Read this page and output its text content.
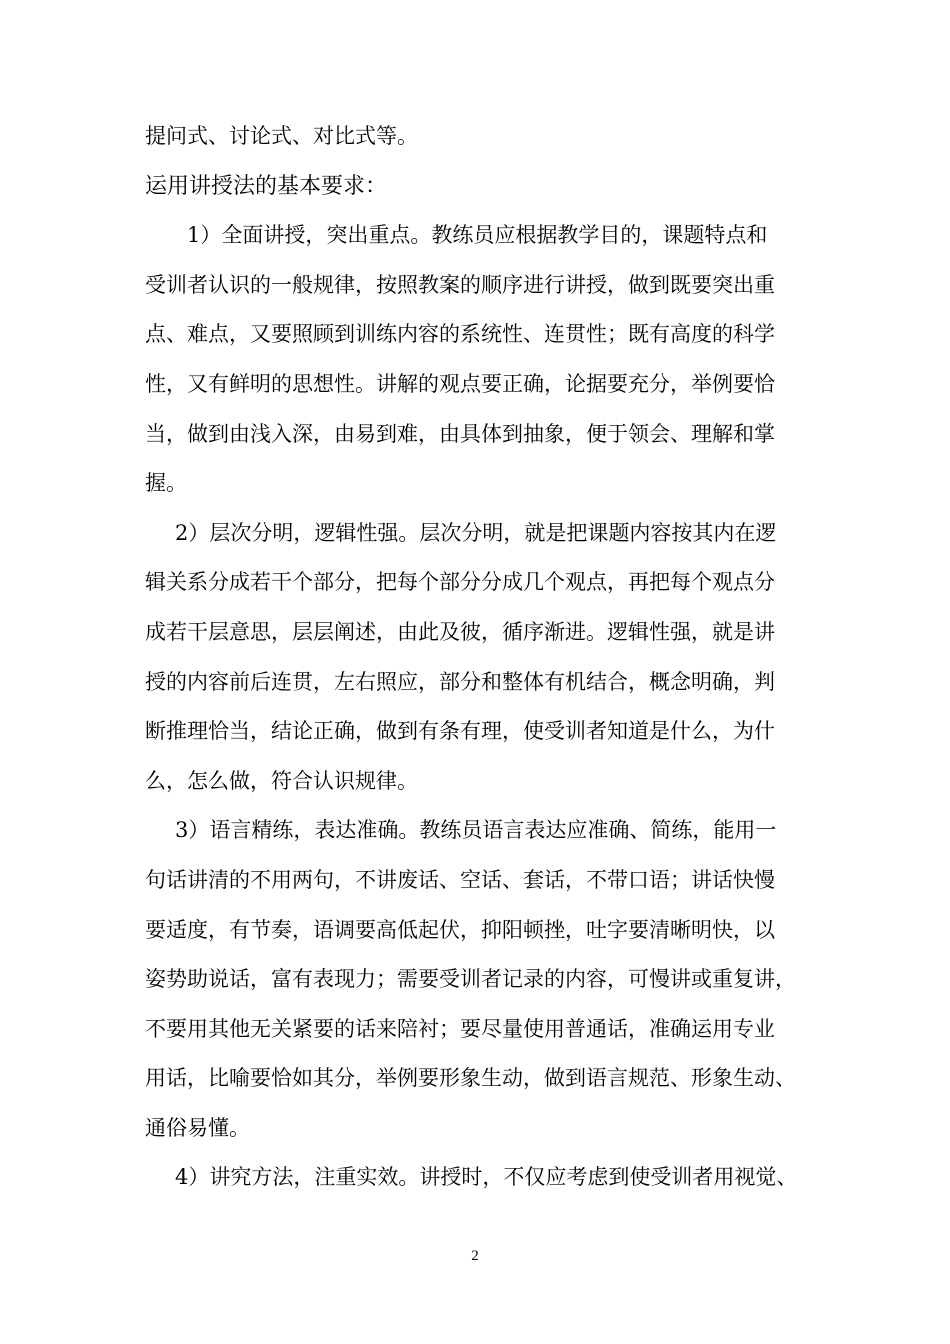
提问式、讨论式、对比式等。
运用讲授法的基本要求：
1）全面讲授，突出重点。教练员应根据教学目的，课题特点和
受训者认识的一般规律，按照教案的顺序进行讲授，做到既要突出重
点、难点，又要照顾到训练内容的系统性、连贯性；既有高度的科学
性，又有鲜明的思想性。讲解的观点要正确，论据要充分，举例要恰
当，做到由浅入深，由易到难，由具体到抽象，便于领会、理解和掌
握。
2）层次分明，逻辑性强。层次分明，就是把课题内容按其内在逻
辑关系分成若干个部分，把每个部分分成几个观点，再把每个观点分
成若干层意思，层层阐述，由此及彼，循序渐进。逻辑性强，就是讲
授的内容前后连贯，左右照应，部分和整体有机结合，概念明确，判
断推理恰当，结论正确，做到有条有理，使受训者知道是什么，为什
么，怎么做，符合认识规律。
3）语言精练，表达准确。教练员语言表达应准确、简练，能用一
句话讲清的不用两句，不讲废话、空话、套话，不带口语；讲话快慢
要适度，有节奏，语调要高低起伏，抑阳顿挫，吐字要清晰明快，以
姿势助说话，富有表现力；需要受训者记录的内容，可慢讲或重复讲，
不要用其他无关紧要的话来陪衬；要尽量使用普通话，准确运用专业
用话，比喻要恰如其分，举例要形象生动，做到语言规范、形象生动、
通俗易懂。
4）讲究方法，注重实效。讲授时，不仅应考虑到使受训者用视觉、
2
